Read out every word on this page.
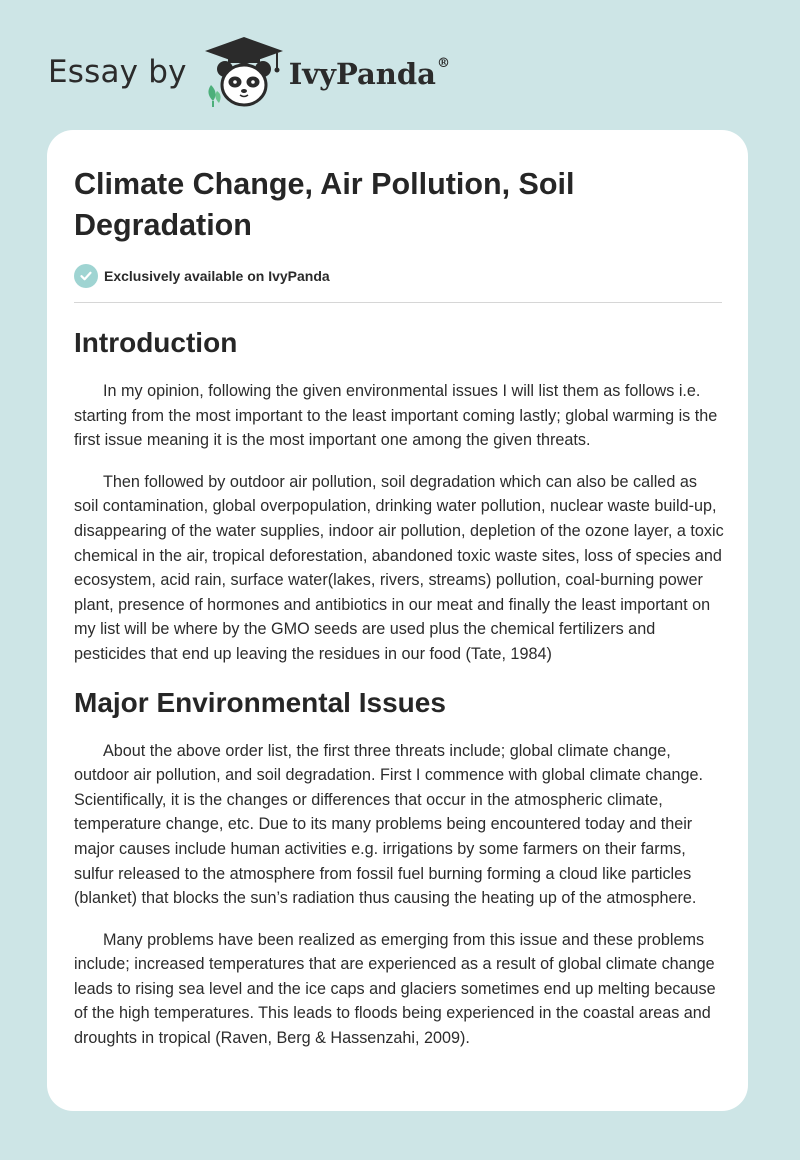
Essay by	IvyPanda®
Climate Change, Air Pollution, Soil Degradation
Exclusively available on IvyPanda
Introduction

In my opinion, following the given environmental issues I will list them as follows i.e. starting from the most important to the least important coming lastly; global warming is the first issue meaning it is the most important one among the given threats.

Then followed by outdoor air pollution, soil degradation which can also be called as soil contamination, global overpopulation, drinking water pollution, nuclear waste build-up, disappearing of the water supplies, indoor air pollution, depletion of the ozone layer, a toxic chemical in the air, tropical deforestation, abandoned toxic waste sites, loss of species and ecosystem, acid rain, surface water(lakes, rivers, streams) pollution, coal-burning power plant, presence of hormones and antibiotics in our meat and finally the least important on my list will be where by the GMO seeds are used plus the chemical fertilizers and pesticides that end up leaving the residues in our food (Tate, 1984)

Major Environmental Issues

About the above order list, the first three threats include; global climate change, outdoor air pollution, and soil degradation. First I commence with global climate change. Scientifically, it is the changes or differences that occur in the atmospheric climate, temperature change, etc. Due to its many problems being encountered today and their major causes include human activities e.g. irrigations by some farmers on their farms, sulfur released to the atmosphere from fossil fuel burning forming a cloud like particles (blanket) that blocks the sun’s radiation thus causing the heating up of the atmosphere.

Many problems have been realized as emerging from this issue and these problems include; increased temperatures that are experienced as a result of global climate change leads to rising sea level and the ice caps and glaciers sometimes end up melting because of the high temperatures. This leads to floods being experienced in the coastal areas and droughts in tropical (Raven, Berg & Hassenzahi, 2009).
